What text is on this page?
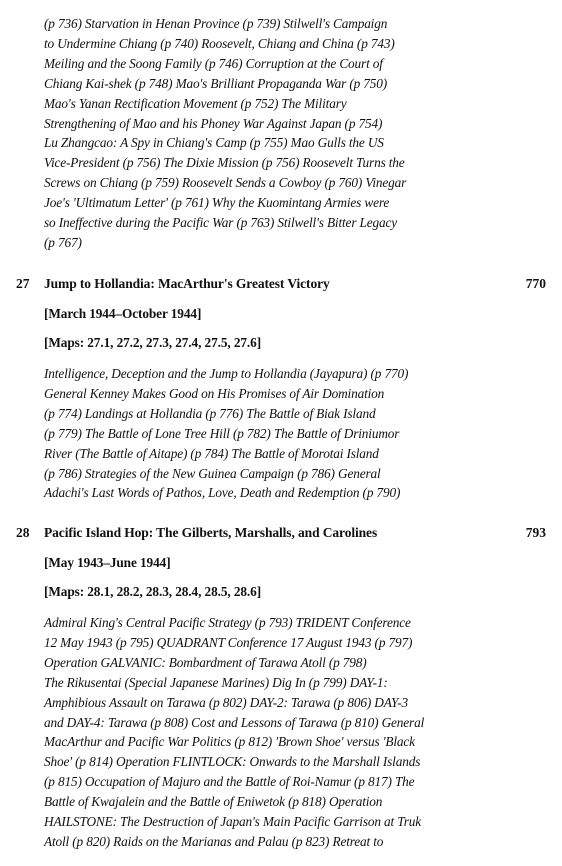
(p 736) Starvation in Henan Province (p 739) Stilwell's Campaign
to Undermine Chiang (p 740) Roosevelt, Chiang and China (p 743)
Meiling and the Soong Family (p 746) Corruption at the Court of
Chiang Kai-shek (p 748) Mao's Brilliant Propaganda War (p 750)
Mao's Yanan Rectification Movement (p 752) The Military
Strengthening of Mao and his Phoney War Against Japan (p 754)
Lu Zhangcao: A Spy in Chiang's Camp (p 755) Mao Gulls the US
Vice-President (p 756) The Dixie Mission (p 756) Roosevelt Turns the
Screws on Chiang (p 759) Roosevelt Sends a Cowboy (p 760) Vinegar
Joe's 'Ultimatum Letter' (p 761) Why the Kuomintang Armies were
so Ineffective during the Pacific War (p 763) Stilwell's Bitter Legacy
(p 767)
27 Jump to Hollandia: MacArthur's Greatest Victory	770
[March 1944–October 1944]
[Maps: 27.1, 27.2, 27.3, 27.4, 27.5, 27.6]
Intelligence, Deception and the Jump to Hollandia (Jayapura) (p 770)
General Kenney Makes Good on His Promises of Air Domination
(p 774) Landings at Hollandia (p 776) The Battle of Biak Island
(p 779) The Battle of Lone Tree Hill (p 782) The Battle of Driniumor
River (The Battle of Aitape) (p 784) The Battle of Morotai Island
(p 786) Strategies of the New Guinea Campaign (p 786) General
Adachi's Last Words of Pathos, Love, Death and Redemption (p 790)
28 Pacific Island Hop: The Gilberts, Marshalls, and Carolines	793
[May 1943–June 1944]
[Maps: 28.1, 28.2, 28.3, 28.4, 28.5, 28.6]
Admiral King's Central Pacific Strategy (p 793) TRIDENT Conference
12 May 1943 (p 795) QUADRANT Conference 17 August 1943 (p 797)
Operation GALVANIC: Bombardment of Tarawa Atoll (p 798)
The Rikusentai (Special Japanese Marines) Dig In (p 799) DAY-1:
Amphibious Assault on Tarawa (p 802) DAY-2: Tarawa (p 806) DAY-3
and DAY-4: Tarawa (p 808) Cost and Lessons of Tarawa (p 810) General
MacArthur and Pacific War Politics (p 812) 'Brown Shoe' versus 'Black
Shoe' (p 814) Operation FLINTLOCK: Onwards to the Marshall Islands
(p 815) Occupation of Majuro and the Battle of Roi-Namur (p 817) The
Battle of Kwajalein and the Battle of Eniwetok (p 818) Operation
HAILSTONE: The Destruction of Japan's Main Pacific Garrison at Truk
Atoll (p 820) Raids on the Marianas and Palau (p 823) Retreat to
